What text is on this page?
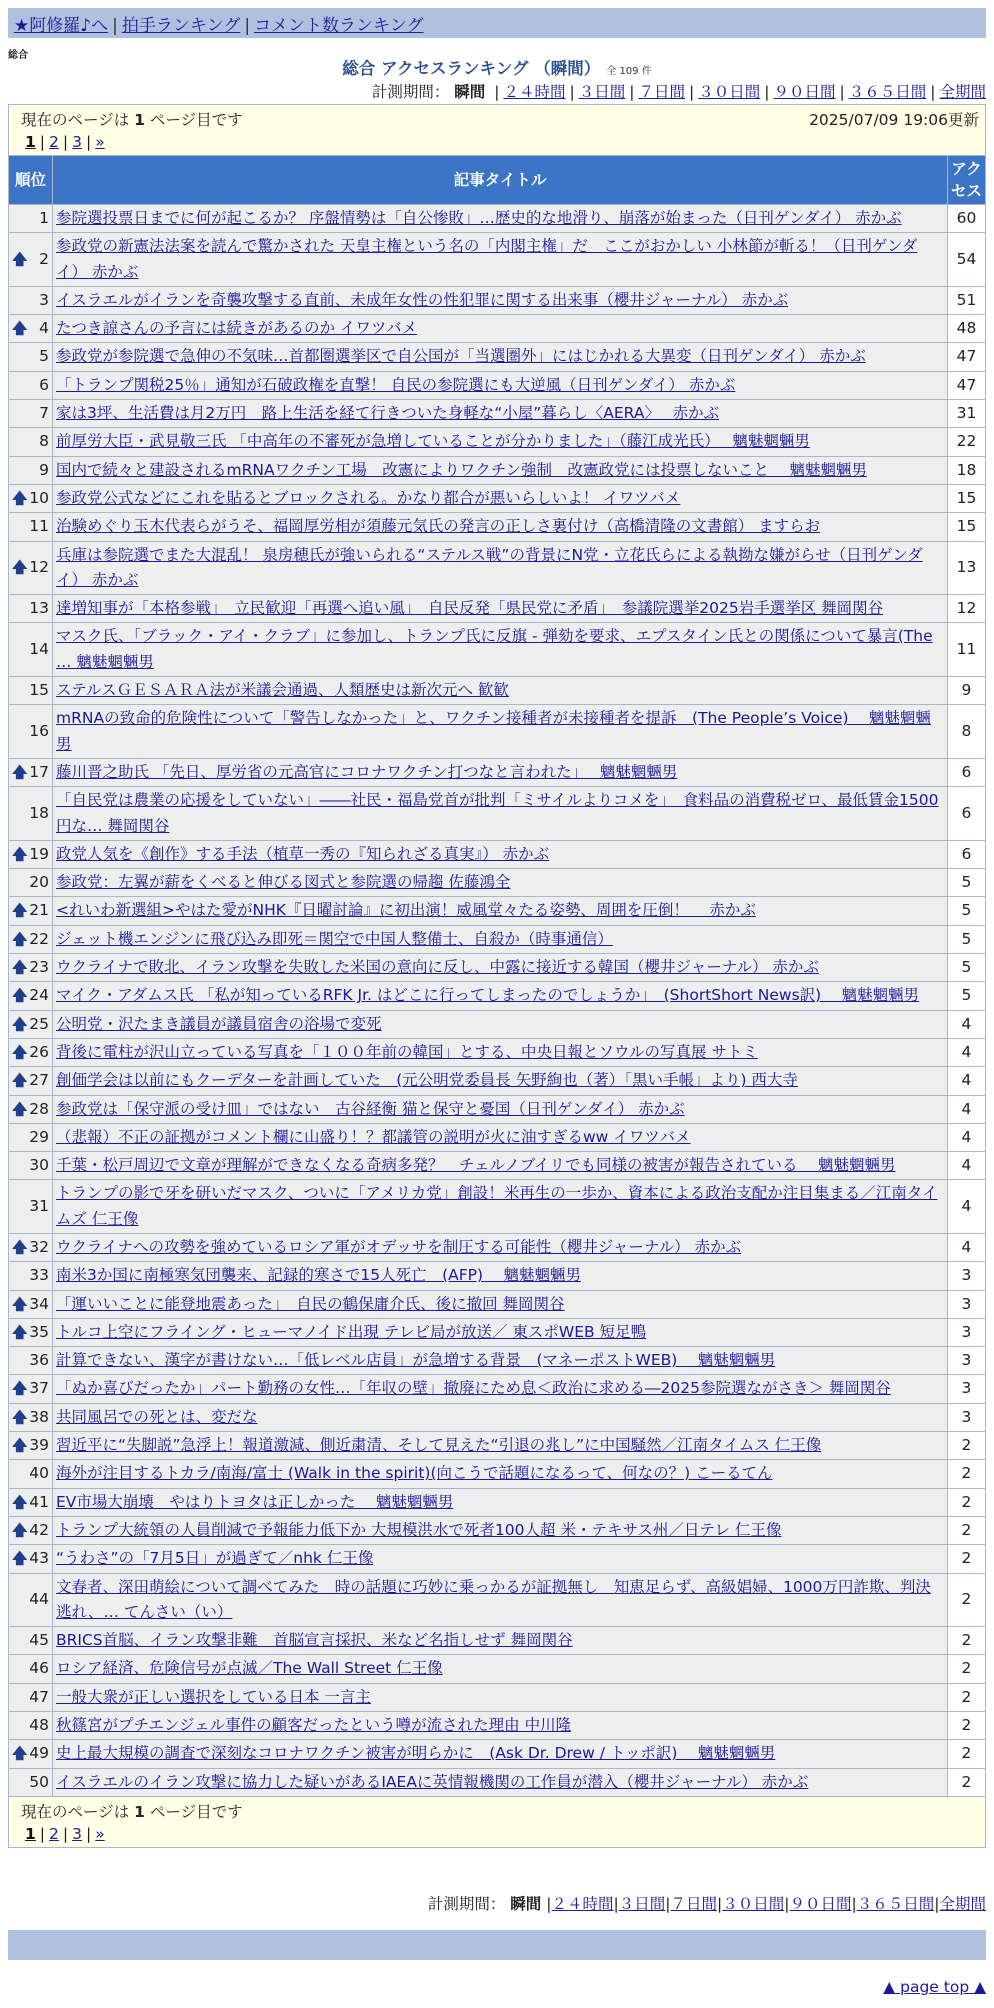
★阿修羅♪へ | 拍手ランキング | コメント数ランキング
総合
総合 アクセスランキング （瞬間） 全 109 件
計測期間： 瞬間 | ２４時間 | ３日間 | ７日間 | ３０日間 | ９０日間 | ３６５日間 | 全期間
現在のページは 1 ページ目です 2025/07/09 19:06更新
1 | 2 | 3 | »		

順位	記事タイトル	アクセス
1	参院選投票日までに何が起こるか？ 序盤情勢は「自公惨敗」…歴史的な地滑り、崩落が始まった（日刊ゲンダイ） 赤かぶ	60

🡅 2	参政党の新憲法法案を読んで驚かされた 天皇主権という名の「内閣主権」だ　ここがおかしい 小林節が斬る！（日刊ゲンダイ） 赤かぶ	54
3	イスラエルがイランを奇襲攻撃する直前、未成年女性の性犯罪に関する出来事（櫻井ジャーナル） 赤かぶ	51

🡅 4	たつき諒さんの予言には続きがあるのか イワツバメ	48
5	参政党が参院選で急伸の不気味…首都圏選挙区で自公国が「当選圏外」にはじかれる大異変（日刊ゲンダイ） 赤かぶ	47
6	「トランプ関税25％」通知が石破政権を直撃！ 自民の参院選にも大逆風（日刊ゲンダイ） 赤かぶ	47
7	家は3坪、生活費は月2万円　路上生活を経て行きついた身軽な“小屋”暮らし〈AERA〉　 赤かぶ	31
8	前厚労大臣・武見敬三氏 「中高年の不審死が急増していることが分かりました」（藤江成光氏）　 魑魅魍魎男	22
9	国内で続々と建設されるmRNAワクチン工場　改憲によりワクチン強制　改憲政党には投票しないこと　 魑魅魍魎男	18

🡅 10	参政党公式などにこれを貼るとブロックされる。かなり都合が悪いらしいよ！ イワツバメ	15
11	治験めぐり玉木代表らがうそ、福岡厚労相が須藤元気氏の発言の正しさ裏付け（高橋清隆の文書館） ますらお	15

🡅 12	兵庫は参院選でまた大混乱！ 泉房穂氏が強いられる“ステルス戦”の背景にN党・立花氏らによる執拗な嫌がらせ（日刊ゲンダイ） 赤かぶ	13
13	達増知事が「本格参戦」　立民歓迎「再選へ追い風」　自民反発「県民党に矛盾」　参議院選挙2025岩手選挙区 舞岡関谷	12
14	マスク氏、「ブラック・アイ・クラブ」に参加し、トランプ氏に反旗 - 弾劾を要求、エプスタイン氏との関係について暴言(The … 魑魅魍魎男	11
15	ステルスＧＥＳＡＲＡ法が米議会通過、人類歴史は新次元へ 歓歓	9
16	mRNAの致命的危険性について「警告しなかった」と、ワクチン接種者が未接種者を提訴　(The People’s Voice)　 魑魅魍魎男	8

🡅 17	藤川晋之助氏 「先日、厚労省の元高官にコロナワクチン打つなと言われた」　 魑魅魍魎男	6
18	「自民党は農業の応援をしていない」――社民・福島党首が批判「ミサイルよりコメを」　食料品の消費税ゼロ、最低賃金1500円な… 舞岡関谷	6

🡅 19	政党人気を《創作》する手法（植草一秀の『知られざる真実』） 赤かぶ	6
20	参政党：左翼が薪をくべると伸びる図式と参院選の帰趨 佐藤鴻全	5

🡅 21	<れいわ新選組>やはた愛がNHK『日曜討論』に初出演！威風堂々たる姿勢、周囲を圧倒！　 赤かぶ	5

🡅 22	ジェット機エンジンに飛び込み即死＝関空で中国人整備士、自殺か（時事通信）	5

🡅 23	ウクライナで敗北、イラン攻撃を失敗した米国の意向に反し、中露に接近する韓国（櫻井ジャーナル） 赤かぶ	5

🡅 24	マイク・アダムス氏 「私が知っているRFK Jr. はどこに行ってしまったのでしょうか」　(ShortShort News訳)　 魑魅魍魎男	5

🡅 25	公明党・沢たまき議員が議員宿舎の浴場で変死	4

🡅 26	背後に電柱が沢山立っている写真を「１００年前の韓国」とする、中央日報とソウルの写真展 サトミ	4

🡅 27	創価学会は以前にもクーデターを計画していた　(元公明党委員長 矢野絢也（著）「黒い手帳」より) 西大寺	4

🡅 28	参政党は「保守派の受け皿」ではない　古谷経衡 猫と保守と憂国（日刊ゲンダイ） 赤かぶ	4
29	（悲報）不正の証拠がコメント欄に山盛り！？都議管の説明が火に油すぎるww イワツバメ	4
30	千葉・松戸周辺で文章が理解ができなくなる奇病多発？　チェルノブイリでも同様の被害が報告されている　 魑魅魍魎男	4
31	トランプの影で牙を研いだマスク、ついに「アメリカ党」創設！米再生の一歩か、資本による政治支配か注目集まる／江南タイムズ 仁王像	4

🡅 32	ウクライナへの攻勢を強めているロシア軍がオデッサを制圧する可能性（櫻井ジャーナル） 赤かぶ	4
33	南米3か国に南極寒気団襲来、記録的寒さで15人死亡　(AFP)　 魑魅魍魎男	3

🡅 34	「運いいことに能登地震あった」　自民の鶴保庸介氏、後に撤回 舞岡関谷	3

🡅 35	トルコ上空にフライング・ヒューマノイド出現 テレビ局が放送／ 東スポWEB 短足鴨	3
36	計算できない、漢字が書けない…「低レベル店員」が急増する背景　(マネーポストWEB)　 魑魅魍魎男	3

🡅 37	「ぬか喜びだったか」パート勤務の女性…「年収の壁」撤廃にため息＜政治に求める―2025参院選ながさき＞ 舞岡関谷	3

🡅 38	共同風呂での死とは、変だな	3

🡅 39	習近平に“失脚説”急浮上！報道激減、側近粛清、そして見えた“引退の兆し”に中国騒然／江南タイムス 仁王像	2
40	海外が注目するトカラ/南海/富士 (Walk in the spirit)(向こうで話題になるって、何なの？) こーるてん	2

🡅 41	EV市場大崩壊　やはりトヨタは正しかった　 魑魅魍魎男	2

🡅 42	トランプ大統領の人員削減で予報能力低下か 大規模洪水で死者100人超 米・テキサス州／日テレ 仁王像	2

🡅 43	“うわさ”の「7月5日」が過ぎて／nhk 仁王像	2
44	文春者、深田萌絵について調べてみた　時の話題に巧妙に乗っかるが証拠無し　知恵足らず、高級娼婦、1000万円詐欺、判決逃れ、… てんさい（い）	2
45	BRICS首脳、イラン攻撃非難　首脳宣言採択、米など名指しせず 舞岡関谷	2
46	ロシア経済、危険信号が点滅／The Wall Street 仁王像	2
47	一般大衆が正しい選択をしている日本 一言主	2
48	秋篠宮がプチエンジェル事件の顧客だったという噂が流された理由 中川隆	2

🡅 49	史上最大規模の調査で深刻なコロナワクチン被害が明らかに　(Ask Dr. Drew / トッポ訳)　 魑魅魍魎男	2
50	イスラエルのイラン攻撃に協力した疑いがあるIAEAに英情報機関の工作員が潜入（櫻井ジャーナル） 赤かぶ	2

現在のページは 1 ページ目です
1 | 2 | 3 | »		
計測期間： 瞬間 |２４時間|３日間|７日間|３０日間|９０日間|３６５日間|全期間
▲ page top ▲
